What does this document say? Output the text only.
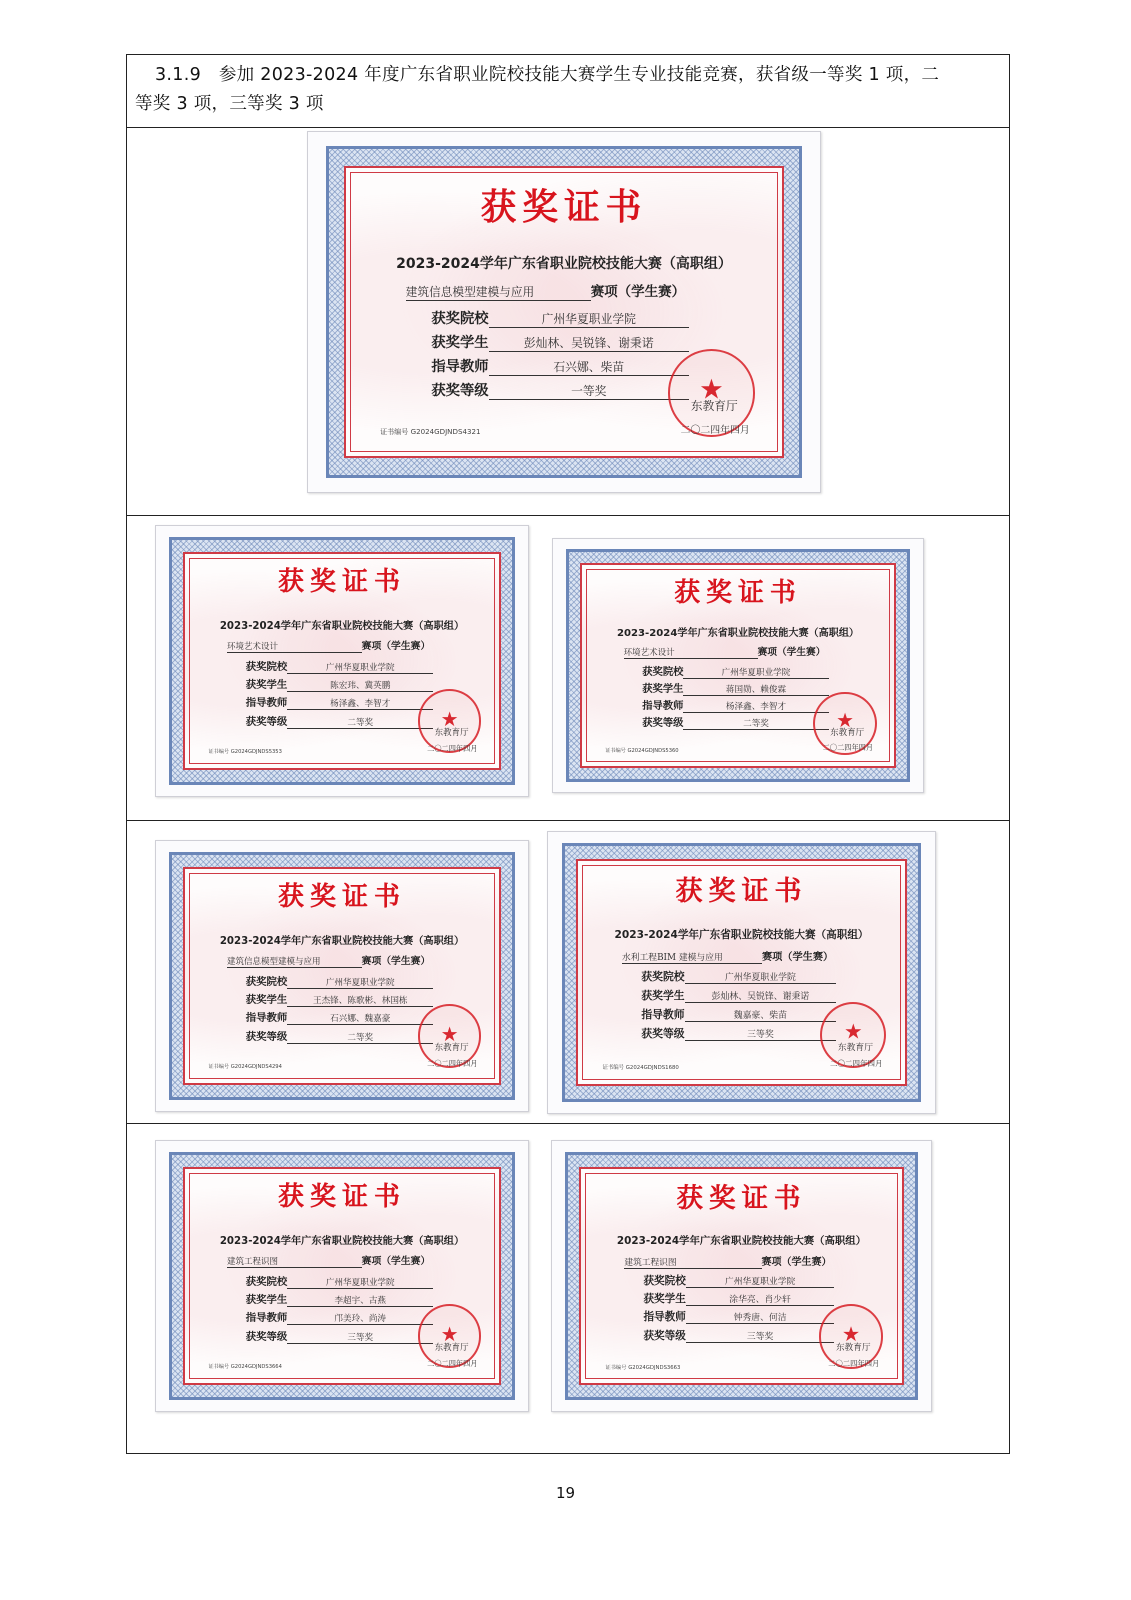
3.1.9　参加 2023-2024 年度广东省职业院校技能大赛学生专业技能竞赛，获省级一等奖 1 项，二
等奖 3 项，三等奖 3 项
获奖证书
2023-2024学年广东省职业院校技能大赛（高职组）
建筑信息模型建模与应用	赛项（学生赛）
获奖院校	广州华夏职业学院
获奖学生	彭灿林、吴锐锋、谢秉诺
指导教师	石兴娜、柴苗
获奖等级	一等奖
证书编号 G2024GDJNDS4321
★
东教育厅
二〇二四年四月
获奖证书
2023-2024学年广东省职业院校技能大赛（高职组）
环境艺术设计	赛项（学生赛）
获奖院校	广州华夏职业学院
获奖学生	陈宏玮、冀英鹏
指导教师	杨泽鑫、李智才
获奖等级	二等奖
证书编号 G2024GDJNDS5353
★
东教育厅
二〇二四年四月
获奖证书
2023-2024学年广东省职业院校技能大赛（高职组）
环境艺术设计	赛项（学生赛）
获奖院校	广州华夏职业学院
获奖学生	蒋国勋、赖俊霖
指导教师	杨泽鑫、李智才
获奖等级	二等奖
证书编号 G2024GDJNDS5360
★
东教育厅
二〇二四年四月
获奖证书
2023-2024学年广东省职业院校技能大赛（高职组）
建筑信息模型建模与应用	赛项（学生赛）
获奖院校	广州华夏职业学院
获奖学生	王杰锋、陈歌彬、林国栋
指导教师	石兴娜、魏嘉豪
获奖等级	二等奖
证书编号 G2024GDJNDS4294
★
东教育厅
二〇二四年四月
获奖证书
2023-2024学年广东省职业院校技能大赛（高职组）
水利工程BIM 建模与应用	赛项（学生赛）
获奖院校	广州华夏职业学院
获奖学生	彭灿林、吴锐锋、谢秉诺
指导教师	魏嘉豪、柴苗
获奖等级	三等奖
证书编号 G2024GDJNDS1680
★
东教育厅
二〇二四年四月
获奖证书
2023-2024学年广东省职业院校技能大赛（高职组）
建筑工程识图	赛项（学生赛）
获奖院校	广州华夏职业学院
获奖学生	李超宇、古燕
指导教师	邝美玲、尚涛
获奖等级	三等奖
证书编号 G2024GDJNDS3664
★
东教育厅
二〇二四年四月
获奖证书
2023-2024学年广东省职业院校技能大赛（高职组）
建筑工程识图	赛项（学生赛）
获奖院校	广州华夏职业学院
获奖学生	涂华亮、肖少轩
指导教师	钟秀唐、何洁
获奖等级	三等奖
证书编号 G2024GDJNDS3663
★
东教育厅
二〇二四年四月
19
